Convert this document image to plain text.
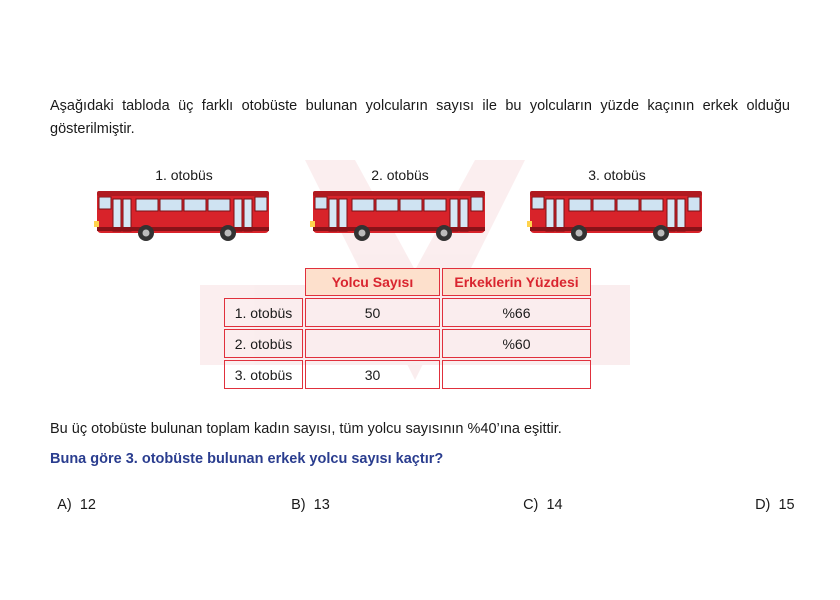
Aşağıdaki tabloda üç farklı otobüste bulunan yolcuların sayısı ile bu yolcuların yüzde kaçının erkek olduğu gösterilmiştir.

1. otobüs	2. otobüs	3. otobüs
	Yolcu Sayısı	Erkeklerin Yüzdesi
1. otobüs	50	%66
2. otobüs		%60
3. otobüs	30	
Bu üç otobüste bulunan toplam kadın sayısı, tüm yolcu sayısının %40’ına eşittir.
Buna göre 3. otobüste bulunan erkek yolcu sayısı kaçtır?

A) 12	B) 13	C) 14	D) 15
